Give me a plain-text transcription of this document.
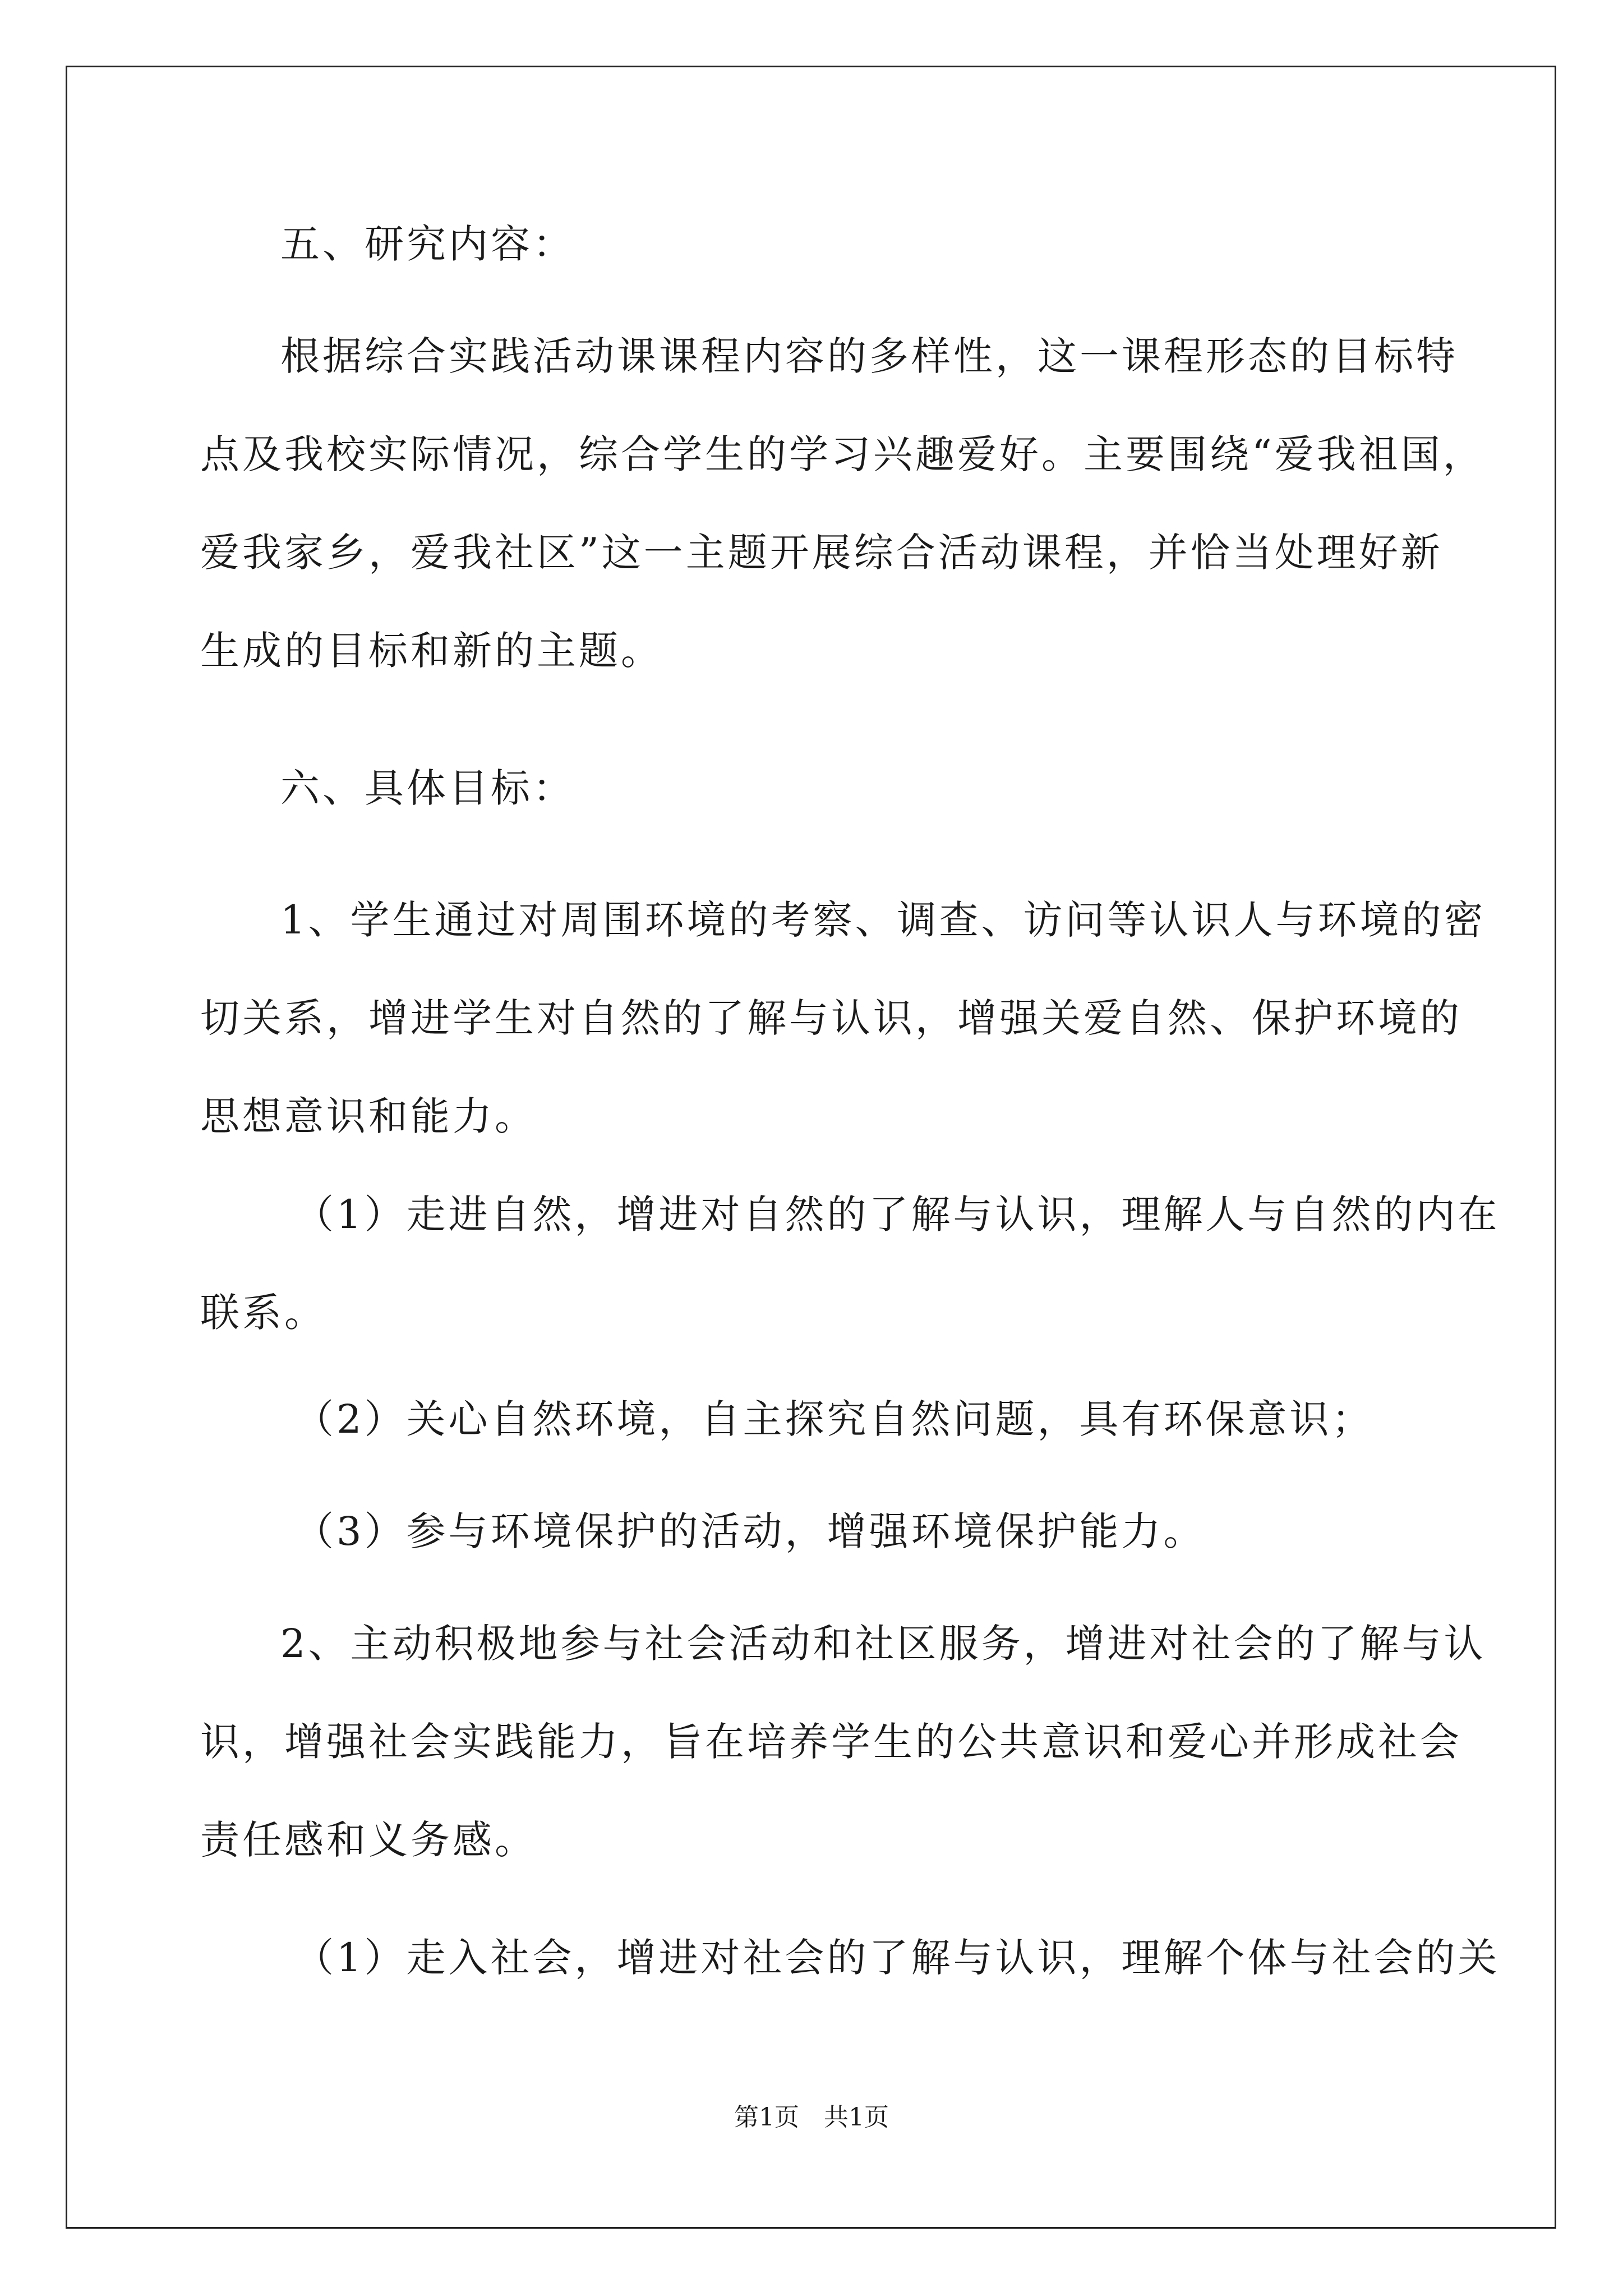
五、研究内容：
根据综合实践活动课课程内容的多样性，这一课程形态的目标特
点及我校实际情况，综合学生的学习兴趣爱好。主要围绕“爱我祖国，
爱我家乡，爱我社区”这一主题开展综合活动课程，并恰当处理好新
生成的目标和新的主题。
六、具体目标：
1、学生通过对周围环境的考察、调查、访问等认识人与环境的密
切关系，增进学生对自然的了解与认识，增强关爱自然、保护环境的
思想意识和能力。
（1）走进自然，增进对自然的了解与认识，理解人与自然的内在
联系。
（2）关心自然环境，自主探究自然问题，具有环保意识；
（3）参与环境保护的活动，增强环境保护能力。
2、主动积极地参与社会活动和社区服务，增进对社会的了解与认
识，增强社会实践能力，旨在培养学生的公共意识和爱心并形成社会
责任感和义务感。
（1）走入社会，增进对社会的了解与认识，理解个体与社会的关
第1页　共1页
